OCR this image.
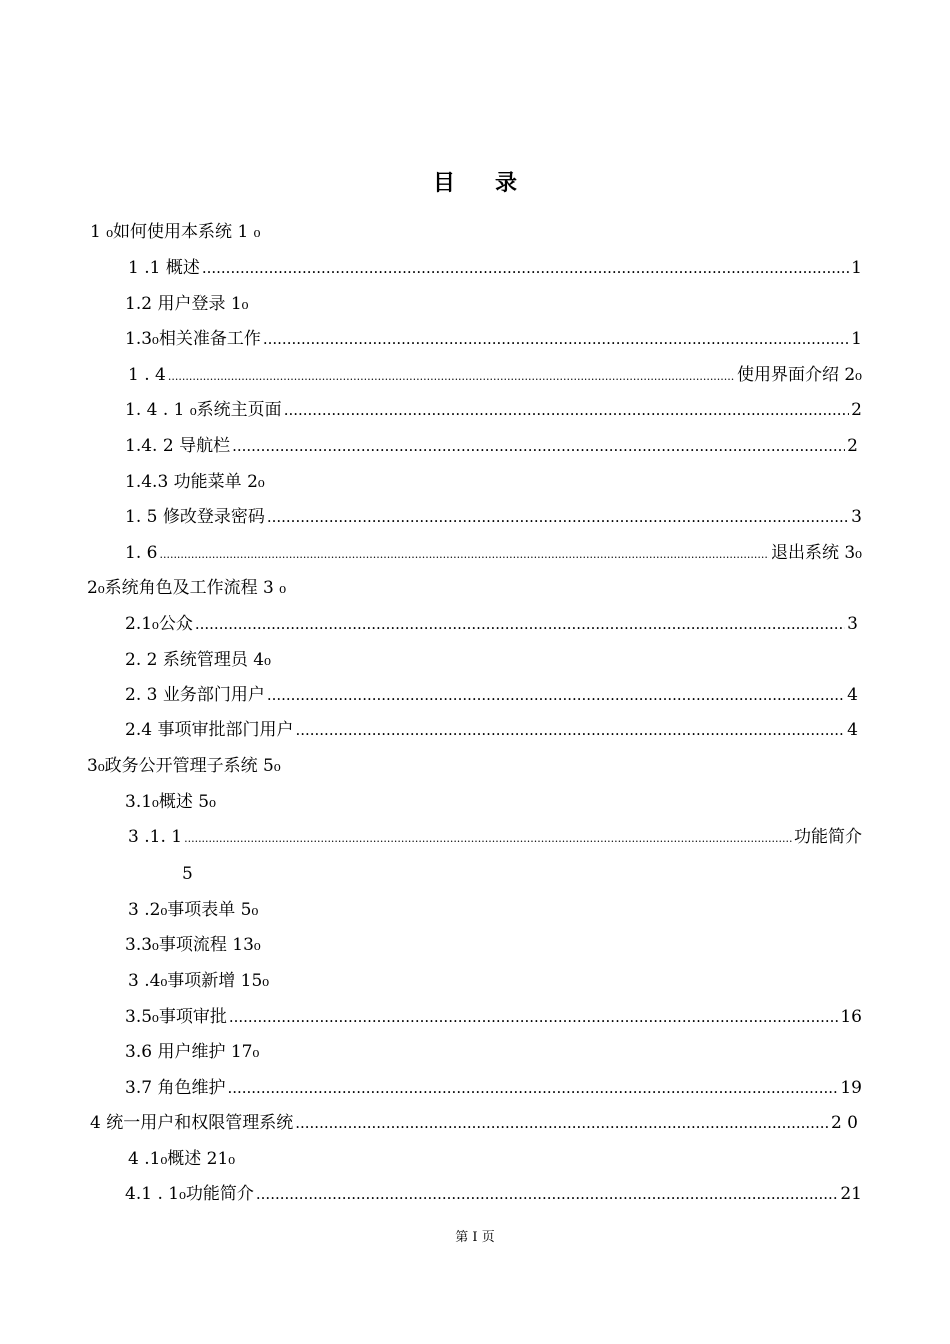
目 录
1 ₀如何使用本系统 1 ₀
1 .1 概述 .....	1
1.2 用户登录 1₀
1.3₀相关准备工作 .....	1
1 . 4 .....	使用界面介绍 2₀
1. 4 . 1 ₀系统主页面 .....	2
1.4. 2 导航栏 .....	2
1.4.3 功能菜单 2₀
1. 5 修改登录密码 .....	3
1. 6 .....	退出系统 3₀
2₀系统角色及工作流程 3 ₀
2.1₀公众 .....	3
2. 2 系统管理员 4₀
2. 3 业务部门用户 .....	4
2.4 事项审批部门用户 .....	4
3₀政务公开管理子系统 5₀
3.1₀概述 5₀
3 .1. 1 .....	功能简介
5
3 .2₀事项表单 5₀
3.3₀事项流程 13₀
3 .4₀事项新增 15₀
3.5₀事项审批 .....	16
3.6 用户维护 17₀
3.7 角色维护 .....	19
4 统一用户和权限管理系统 .....	2 0
4 .1₀概述 21₀
4.1 . 1₀功能简介 .....	21
第 I 页
